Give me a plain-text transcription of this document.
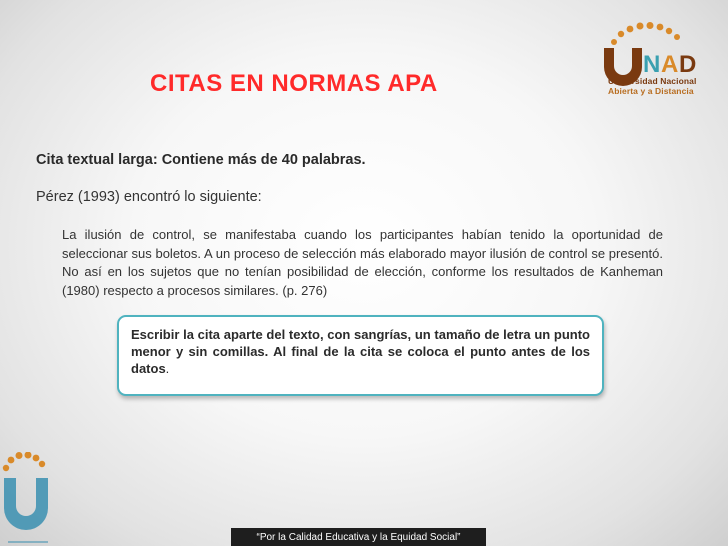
CITAS EN NORMAS APA
N A D
Universidad Nacional
Abierta y a Distancia
Cita textual larga: Contiene más de 40 palabras.
Pérez (1993) encontró lo siguiente:
La ilusión de control, se manifestaba cuando los participantes habían tenido la oportunidad de seleccionar sus boletos. A un proceso de selección más elaborado mayor ilusión de control se presentó. No así en los sujetos que no tenían posibilidad de elección, conforme los resultados de Kanheman (1980) respecto a procesos similares. (p. 276)
Escribir la cita aparte del texto, con sangrías, un tamaño de letra un punto menor y sin comillas. Al final de la cita se coloca el punto antes de los datos.
“Por la Calidad Educativa y la Equidad Social”
